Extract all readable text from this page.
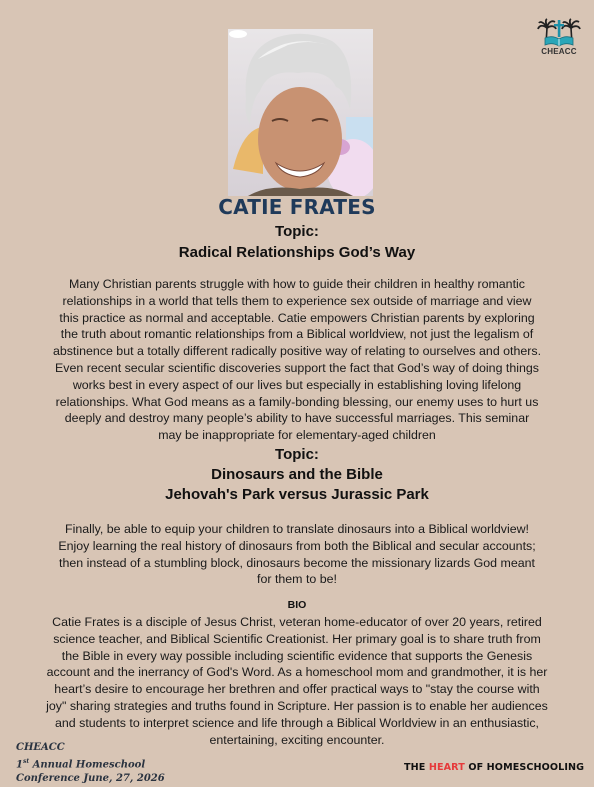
CHEACC
CATIE FRATES
Topic:
Radical Relationships God’s Way
Many Christian parents struggle with how to guide their children in healthy romantic relationships in a world that tells them to experience sex outside of marriage and view this practice as normal and acceptable. Catie empowers Christian parents by exploring the truth about romantic relationships from a Biblical worldview, not just the legalism of abstinence but a totally different radically positive way of relating to ourselves and others. Even recent secular scientific discoveries support the fact that God’s way of doing things works best in every aspect of our lives but especially in establishing loving lifelong relationships. What God means as a family-bonding blessing, our enemy uses to hurt us deeply and destroy many people’s ability to have successful marriages. This seminar may be inappropriate for elementary-aged children
Topic:
Dinosaurs and the Bible
Jehovah's Park versus Jurassic Park
Finally, be able to equip your children to translate dinosaurs into a Biblical worldview! Enjoy learning the real history of dinosaurs from both the Biblical and secular accounts; then instead of a stumbling block, dinosaurs become the missionary lizards God meant for them to be!
BIO
Catie Frates is a disciple of Jesus Christ, veteran home-educator of over 20 years, retired science teacher, and Biblical Scientific Creationist. Her primary goal is to share truth from the Bible in every way possible including scientific evidence that supports the Genesis account and the inerrancy of God's Word. As a homeschool mom and grandmother, it is her heart’s desire to encourage her brethren and offer practical ways to "stay the course with joy" sharing strategies and truths found in Scripture. Her passion is to enable her audiences and students to interpret science and life through a Biblical Worldview in an enthusiastic, entertaining, exciting encounter.
CHEACC
1st Annual Homeschool
Conference June, 27, 2026
THE HEART OF HOMESCHOOLING
